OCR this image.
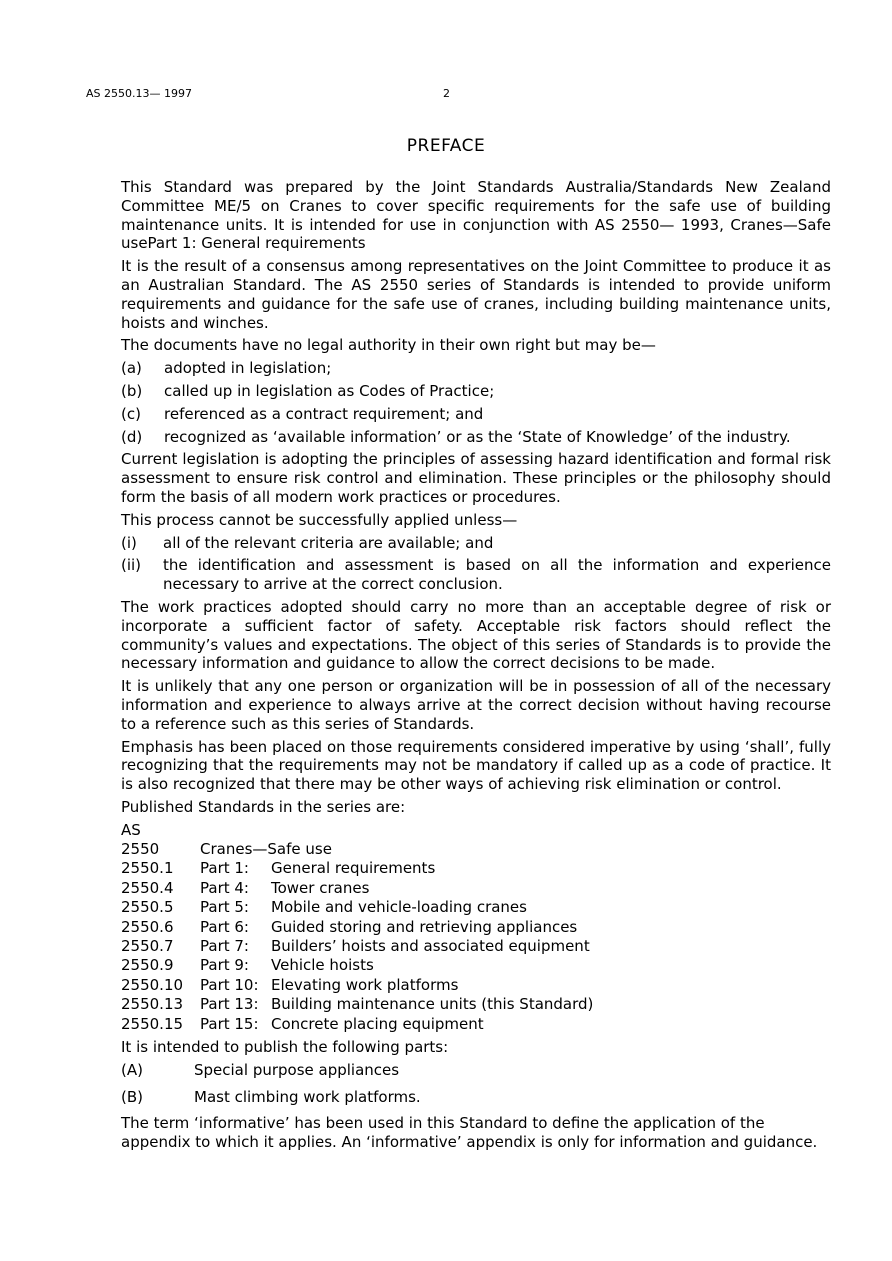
AS 2550.13— 1997	2
PREFACE

This Standard was prepared by the Joint Standards Australia/Standards New Zealand Committee ME/5 on Cranes to cover specific requirements for the safe use of building maintenance units. It is intended for use in conjunction with AS 2550— 1993, Cranes—Safe usePart 1: General requirements

It is the result of a consensus among representatives on the Joint Committee to produce it as an Australian Standard. The AS 2550 series of Standards is intended to provide uniform requirements and guidance for the safe use of cranes, including building maintenance units, hoists and winches.

The documents have no legal authority in their own right but may be—

(a)	adopted in legislation;
(b)	called up in legislation as Codes of Practice;
(c)	referenced as a contract requirement; and
(d)	recognized as ‘available information’ or as the ‘State of Knowledge’ of the industry.

Current legislation is adopting the principles of assessing hazard identification and formal risk assessment to ensure risk control and elimination. These principles or the philosophy should form the basis of all modern work practices or procedures.

This process cannot be successfully applied unless—

(i)	all of the relevant criteria are available; and
(ii)	the identification and assessment is based on all the information and experience necessary to arrive at the correct conclusion.

The work practices adopted should carry no more than an acceptable degree of risk or incorporate a sufficient factor of safety. Acceptable risk factors should reflect the community’s values and expectations. The object of this series of Standards is to provide the necessary information and guidance to allow the correct decisions to be made.

It is unlikely that any one person or organization will be in possession of all of the necessary information and experience to always arrive at the correct decision without having recourse to a reference such as this series of Standards.

Emphasis has been placed on those requirements considered imperative by using ‘shall’, fully recognizing that the requirements may not be mandatory if called up as a code of practice. It is also recognized that there may be other ways of achieving risk elimination or control.

Published Standards in the series are:

AS
2550	Cranes—Safe use
2550.1	Part 1:	General requirements
2550.4	Part 4:	Tower cranes
2550.5	Part 5:	Mobile and vehicle-loading cranes
2550.6	Part 6:	Guided storing and retrieving appliances
2550.7	Part 7:	Builders’ hoists and associated equipment
2550.9	Part 9:	Vehicle hoists
2550.10	Part 10: Elevating work platforms
2550.13	Part 13: Building maintenance units (this Standard)
2550.15	Part 15: Concrete placing equipment

It is intended to publish the following parts:

(A)	Special purpose appliances
(B)	Mast climbing work platforms.

The term ‘informative’ has been used in this Standard to define the application of the appendix to which it applies. An ‘informative’ appendix is only for information and guidance.
